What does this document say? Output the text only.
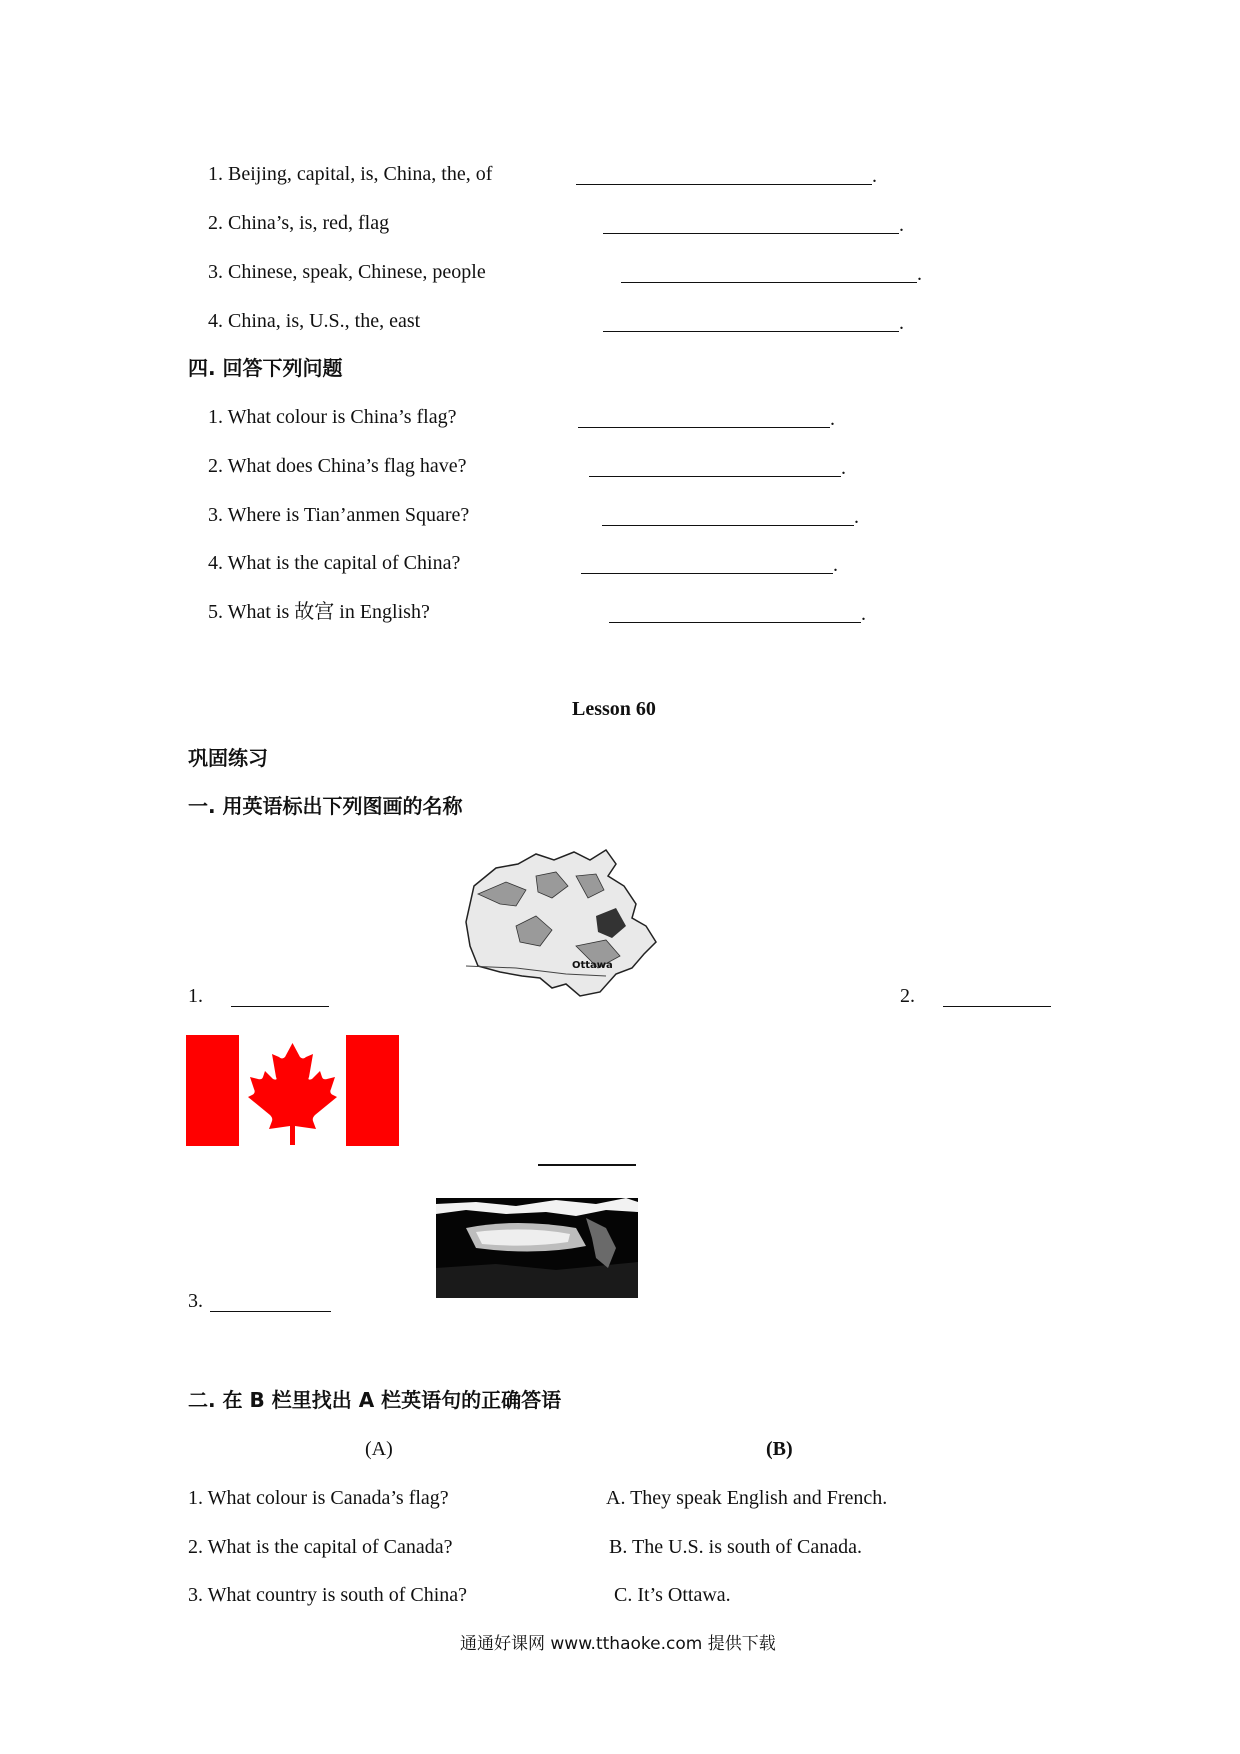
1. Beijing, capital, is, China, the, of	.
2. China’s, is, red, flag	.
3. Chinese, speak, Chinese, people	.
4. China, is, U.S., the, east	.
四. 回答下列问题
1. What colour is China’s flag?	.
2. What does China’s flag have?	.
3. Where is Tian’anmen Square?	.
4. What is the capital of China?	.
5. What is 故宫 in English?	.
Lesson 60
巩固练习
一. 用英语标出下列图画的名称
Ottawa
1.	2.
3.
二. 在 B 栏里找出 A 栏英语句的正确答语
(A)	(B)
1. What colour is Canada’s flag?	A. They speak English and French.
2. What is the capital of Canada?	B. The U.S. is south of Canada.
3. What country is south of China?	C. It’s Ottawa.
通通好课网 www.tthaoke.com 提供下载
